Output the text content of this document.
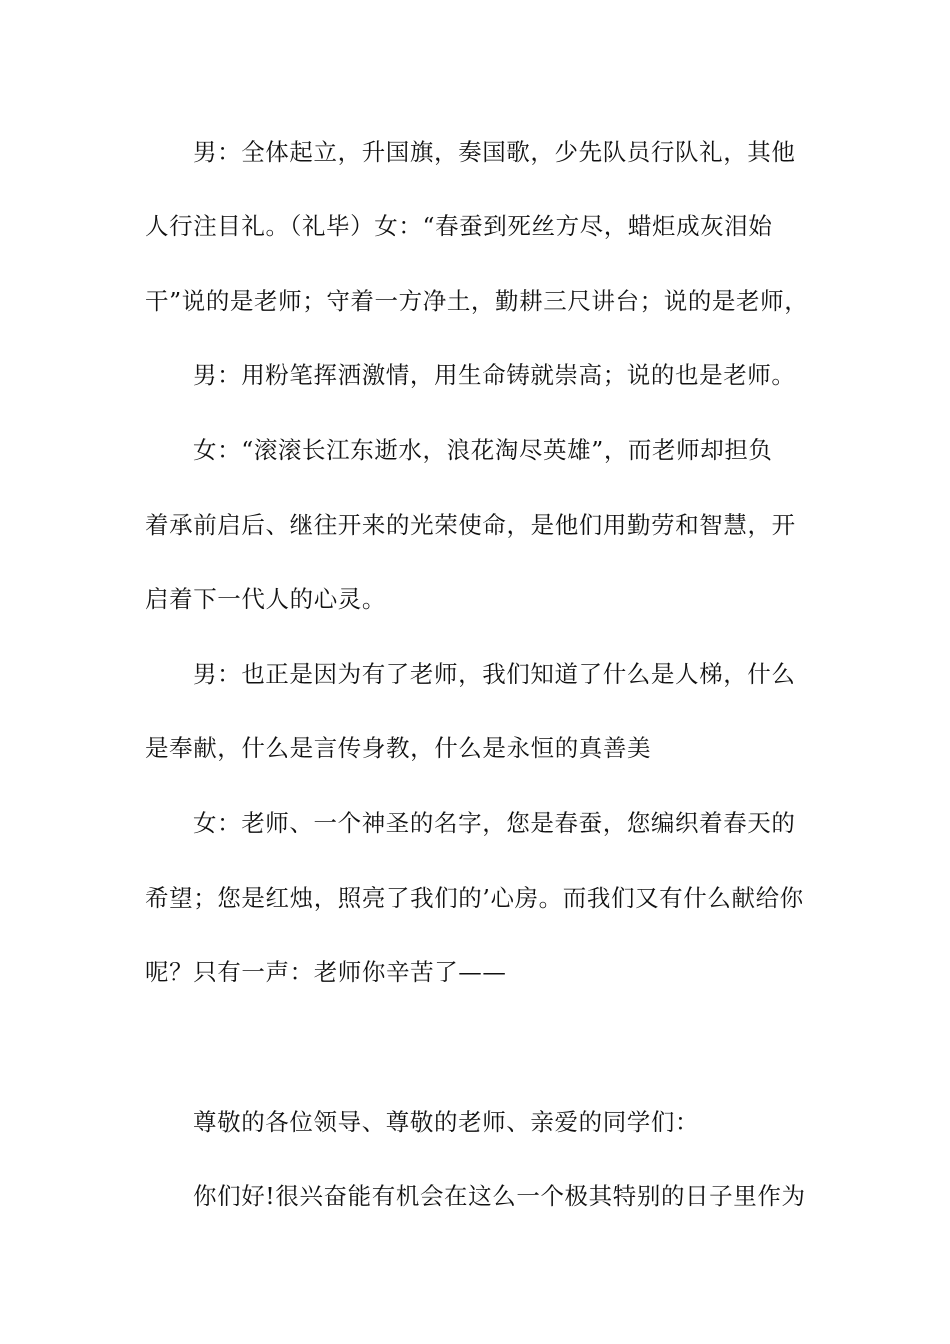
男：全体起立，升国旗，奏国歌，少先队员行队礼，其他
人行注目礼。（礼毕）女：“春蚕到死丝方尽，蜡炬成灰泪始
干”说的是老师；守着一方净土，勤耕三尺讲台；说的是老师，
男：用粉笔挥洒激情，用生命铸就崇高；说的也是老师。
女：“滚滚长江东逝水，浪花淘尽英雄”，而老师却担负
着承前启后、继往开来的光荣使命，是他们用勤劳和智慧，开
启着下一代人的心灵。
男：也正是因为有了老师，我们知道了什么是人梯，什么
是奉献，什么是言传身教，什么是永恒的真善美
女：老师、一个神圣的名字，您是春蚕，您编织着春天的
希望；您是红烛，照亮了我们的’心房。而我们又有什么献给你
呢？只有一声：老师你辛苦了——
尊敬的各位领导、尊敬的老师、亲爱的同学们：
你们好!很兴奋能有机会在这么一个极其特别的日子里作为
